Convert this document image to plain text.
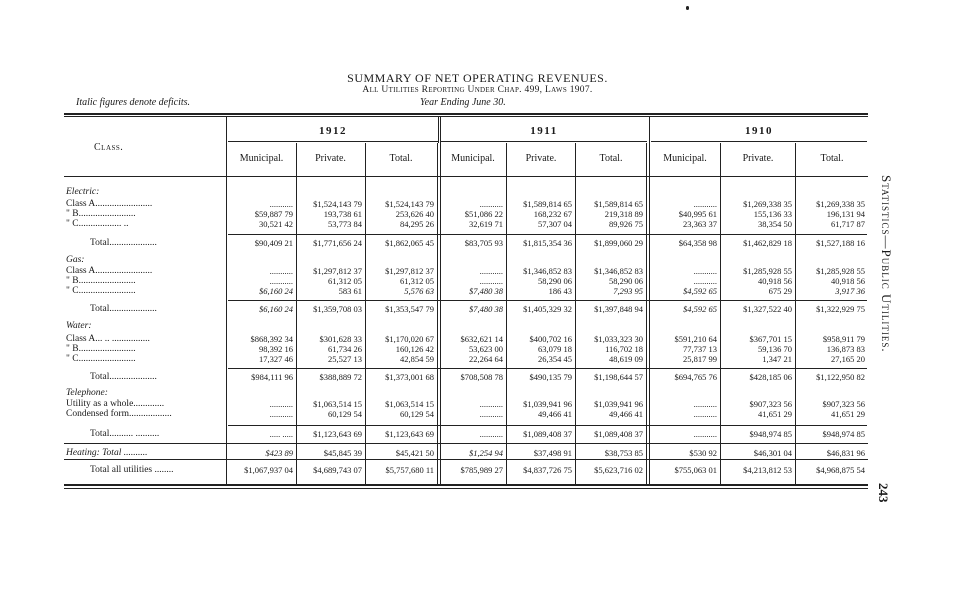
SUMMARY OF NET OPERATING REVENUES.
All Utilities Reporting Under Chap. 499, Laws 1907.
Italic figures denote deficits.	Year Ending June 30.
Statistics—Public Utilities.
243
Class.
1912	1911	1910
Municipal.	Private.	Total.	Municipal.	Private.	Total.	Municipal.	Private.	Total.
Electric:
Class A........................	...........	$1,524,143 79	$1,524,143 79	...........	$1,589,814 65	$1,589,814 65	...........	$1,269,338 35	$1,269,338 35
" B........................	$59,887 79	193,738 61	253,626 40	$51,086 22	168,232 67	219,318 89	$40,995 61	155,136 33	196,131 94
" C.................. ..	30,521 42	53,773 84	84,295 26	32,619 71	57,307 04	89,926 75	23,363 37	38,354 50	61,717 87
Total....................	$90,409 21	$1,771,656 24	$1,862,065 45	$83,705 93	$1,815,354 36	$1,899,060 29	$64,358 98	$1,462,829 18	$1,527,188 16
Gas:
Class A........................	...........	$1,297,812 37	$1,297,812 37	...........	$1,346,852 83	$1,346,852 83	...........	$1,285,928 55	$1,285,928 55
" B........................	...........	61,312 05	61,312 05	...........	58,290 06	58,290 06	...........	40,918 56	40,918 56
" C........................	$6,160 24	583 61	5,576 63	$7,480 38	186 43	7,293 95	$4,592 65	675 29	3,917 36
Total....................	$6,160 24	$1,359,708 03	$1,353,547 79	$7,480 38	$1,405,329 32	$1,397,848 94	$4,592 65	$1,327,522 40	$1,322,929 75
Water:
Class A... .. ................	$868,392 34	$301,628 33	$1,170,020 67	$632,621 14	$400,702 16	$1,033,323 30	$591,210 64	$367,701 15	$958,911 79
" B........................	98,392 16	61,734 26	160,126 42	53,623 00	63,079 18	116,702 18	77,737 13	59,136 70	136,873 83
" C........................	17,327 46	25,527 13	42,854 59	22,264 64	26,354 45	48,619 09	25,817 99	1,347 21	27,165 20
Total....................	$984,111 96	$388,889 72	$1,373,001 68	$708,508 78	$490,135 79	$1,198,644 57	$694,765 76	$428,185 06	$1,122,950 82
Telephone:
Utility as a whole.............	...........	$1,063,514 15	$1,063,514 15	...........	$1,039,941 96	$1,039,941 96	...........	$907,323 56	$907,323 56
Condensed form..................	...........	60,129 54	60,129 54	...........	49,466 41	49,466 41	...........	41,651 29	41,651 29
Total.......... ..........	..... .....	$1,123,643 69	$1,123,643 69	...........	$1,089,408 37	$1,089,408 37	...........	$948,974 85	$948,974 85
Heating: Total ..........	$423 89	$45,845 39	$45,421 50	$1,254 94	$37,498 91	$38,753 85	$530 92	$46,301 04	$46,831 96
Total all utilities ........	$1,067,937 04	$4,689,743 07	$5,757,680 11	$785,989 27	$4,837,726 75	$5,623,716 02	$755,063 01	$4,213,812 53	$4,968,875 54
